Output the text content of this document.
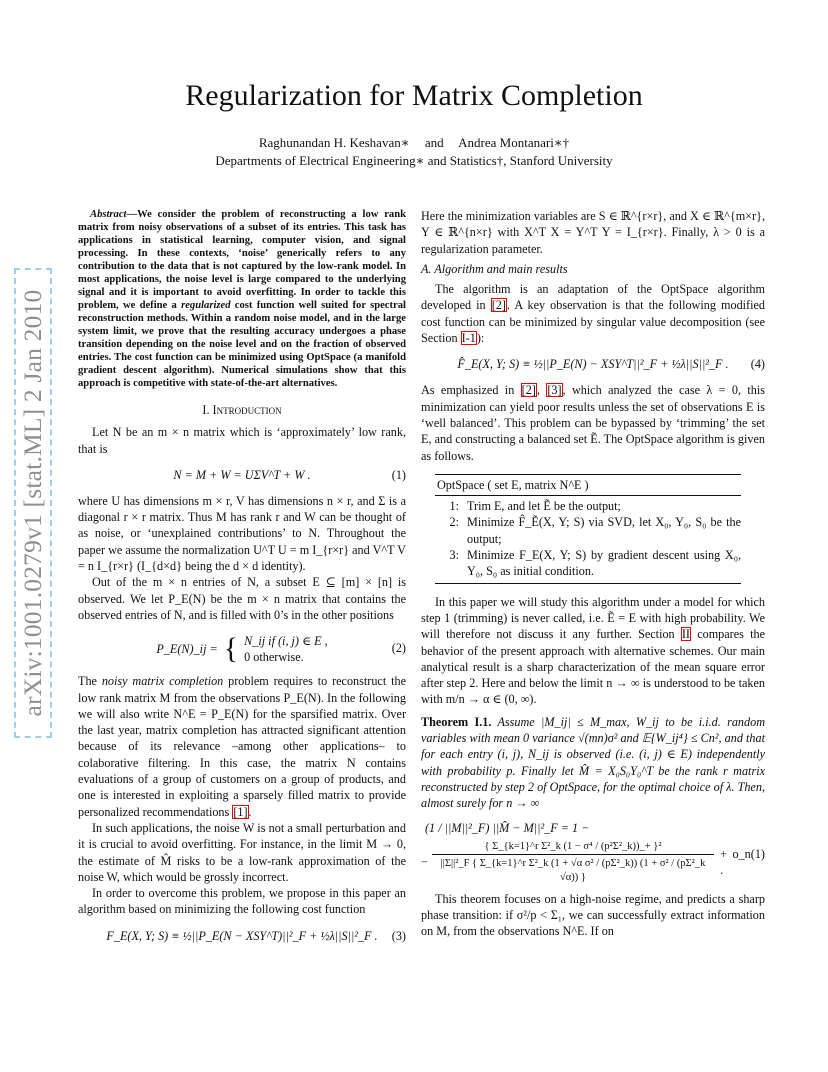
arXiv:1001.0279v1 [stat.ML] 2 Jan 2010
Regularization for Matrix Completion
Raghunandan H. Keshavan∗ and Andrea Montanari∗†
Departments of Electrical Engineering∗ and Statistics†, Stanford University

Abstract—We consider the problem of reconstructing a low rank matrix from noisy observations of a subset of its entries. This task has applications in statistical learning, computer vision, and signal processing. In these contexts, ‘noise’ generically refers to any contribution to the data that is not captured by the low-rank model. In most applications, the noise level is large compared to the underlying signal and it is important to avoid overfitting. In order to tackle this problem, we define a regularized cost function well suited for spectral reconstruction methods. Within a random noise model, and in the large system limit, we prove that the resulting accuracy undergoes a phase transition depending on the noise level and on the fraction of observed entries. The cost function can be minimized using OptSpace (a manifold gradient descent algorithm). Numerical simulations show that this approach is competitive with state-of-the-art alternatives.

I. Introduction

Let N be an m × n matrix which is ‘approximately’ low rank, that is

N = M + W = UΣV^T + W .	(1)

where U has dimensions m × r, V has dimensions n × r, and Σ is a diagonal r × r matrix. Thus M has rank r and W can be thought of as noise, or ‘unexplained contributions’ to N. Throughout the paper we assume the normalization U^T U = m I_{r×r} and V^T V = n I_{r×r} (I_{d×d} being the d × d identity).

Out of the m × n entries of N, a subset E ⊆ [m] × [n] is observed. We let P_E(N) be the m × n matrix that contains the observed entries of N, and is filled with 0’s in the other positions

P_E(N)_ij = { N_ij if (i, j) ∈ E ,
0 otherwise.
(2)

The noisy matrix completion problem requires to reconstruct the low rank matrix M from the observations P_E(N). In the following we will also write N^E = P_E(N) for the sparsified matrix. Over the last year, matrix completion has attracted significant attention because of its relevance –among other applications– to colaborative filtering. In this case, the matrix N contains evaluations of a group of customers on a group of products, and one is interested in exploiting a sparsely filled matrix to provide personalized recommendations [1].

In such applications, the noise W is not a small perturbation and it is crucial to avoid overfitting. For instance, in the limit M → 0, the estimate of M̂ risks to be a low-rank approximation of the noise W, which would be grossly incorrect.

In order to overcome this problem, we propose in this paper an algorithm based on minimizing the following cost function

F_E(X, Y; S) ≡ ½||P_E(N − XSY^T)||²_F + ½λ||S||²_F . (3)

Here the minimization variables are S ∈ ℝ^{r×r}, and X ∈ ℝ^{m×r}, Y ∈ ℝ^{n×r} with X^T X = Y^T Y = I_{r×r}. Finally, λ > 0 is a regularization parameter.

A. Algorithm and main results

The algorithm is an adaptation of the OptSpace algorithm developed in [2]. A key observation is that the following modified cost function can be minimized by singular value decomposition (see Section I-1):

F̂_E(X, Y; S) ≡ ½||P_E(N) − XSY^T||²_F + ½λ||S||²_F . (4)

As emphasized in [2], [3], which analyzed the case λ = 0, this minimization can yield poor results unless the set of observations E is ‘well balanced’. This problem can be bypassed by ‘trimming’ the set E, and constructing a balanced set Ẽ. The OptSpace algorithm is given as follows.

OptSpace ( set E, matrix N^E )
1: Trim E, and let Ẽ be the output;
2: Minimize F̂_Ẽ(X, Y; S) via SVD, let X₀, Y₀, S₀ be the output;
3: Minimize F_E(X, Y; S) by gradient descent using X₀, Y₀, S₀ as initial condition.

In this paper we will study this algorithm under a model for which step 1 (trimming) is never called, i.e. Ẽ = E with high probability. We will therefore not discuss it any further. Section II compares the behavior of the present approach with alternative schemes. Our main analytical result is a sharp characterization of the mean square error after step 2. Here and below the limit n → ∞ is understood to be taken with m/n → α ∈ (0, ∞).

Theorem I.1. Assume |M_ij| ≤ M_max, W_ij to be i.i.d. random variables with mean 0 variance √(mn)σ² and 𝔼{W_ij⁴} ≤ Cn², and that for each entry (i, j), N_ij is observed (i.e. (i, j) ∈ E) independently with probability p. Finally let M̂ = X₀S₀Y₀^T be the rank r matrix reconstructed by step 2 of OptSpace, for the optimal choice of λ. Then, almost surely for n → ∞

(1 / ||M||²_F) ||M̂ − M||²_F = 1 −
−
{ Σ_{k=1}^r Σ²_k (1 − σ⁴ / (p²Σ²_k))_+ }²
||Σ||²_F { Σ_{k=1}^r Σ²_k (1 + √α σ² / (pΣ²_k)) (1 + σ² / (pΣ²_k √α)) }
+ o_n(1) .

This theorem focuses on a high-noise regime, and predicts a sharp phase transition: if σ²/p < Σ₁, we can successfully extract information on M, from the observations N^E. If on
